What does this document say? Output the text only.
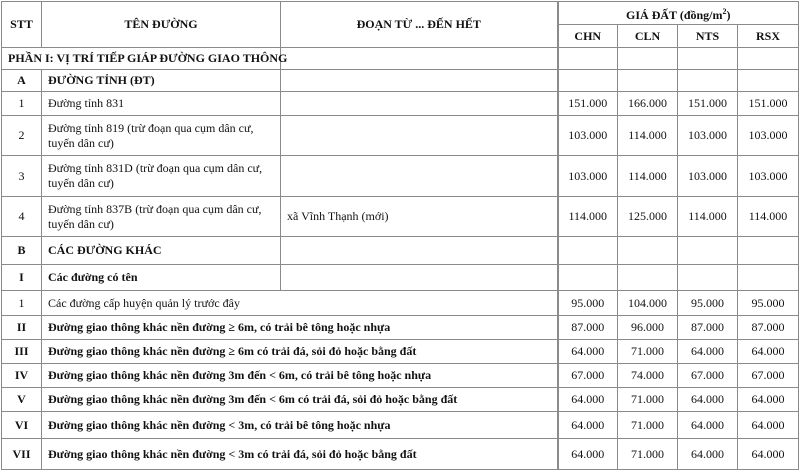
STT	TÊN ĐƯỜNG	ĐOẠN TỪ ... ĐẾN HẾT	GIÁ ĐẤT $(đồng/m^2)$			
			CHN	CLN	NTS	RSX
PHẦN I: VỊ TRÍ TIẾP GIÁP ĐƯỜNG GIAO THÔNG						
A	ĐƯỜNG TỈNH (ĐT)					
1	Đường tỉnh 831		151.000	166.000	151.000	151.000
2	Đường tỉnh 819 (trừ đoạn qua cụm dân cư, tuyến dân cư)		103.000	114.000	103.000	103.000
3	Đường tỉnh 831D (trừ đoạn qua cụm dân cư, tuyến dân cư)		103.000	114.000	103.000	103.000
4	Đường tỉnh 837B (trừ đoạn qua cụm dân cư, tuyến dân cư)	xã Vĩnh Thạnh (mới)	114.000	125.000	114.000	114.000
B	CÁC ĐƯỜNG KHÁC					
I	Các đường có tên					
1	Các đường cấp huyện quản lý trước đây		95.000	104.000	95.000	95.000
II	Đường giao thông khác nền đường ≥ 6m, có trải bê tông hoặc nhựa		87.000	96.000	87.000	87.000
III	Đường giao thông khác nền đường ≥ 6m có trải đá, sỏi đỏ hoặc bằng đất		64.000	71.000	64.000	64.000
IV	Đường giao thông khác nền đường 3m đến < 6m, có trải bê tông hoặc nhựa		67.000	74.000	67.000	67.000
V	Đường giao thông khác nền đường 3m đến < 6m có trải đá, sỏi đỏ hoặc bằng đất		64.000	71.000	64.000	64.000
VI	Đường giao thông khác nền đường < 3m, có trải bê tông hoặc nhựa		64.000	71.000	64.000	64.000
VII	Đường giao thông khác nền đường < 3m có trải đá, sỏi đỏ hoặc bằng đất		64.000	71.000	64.000	64.000
